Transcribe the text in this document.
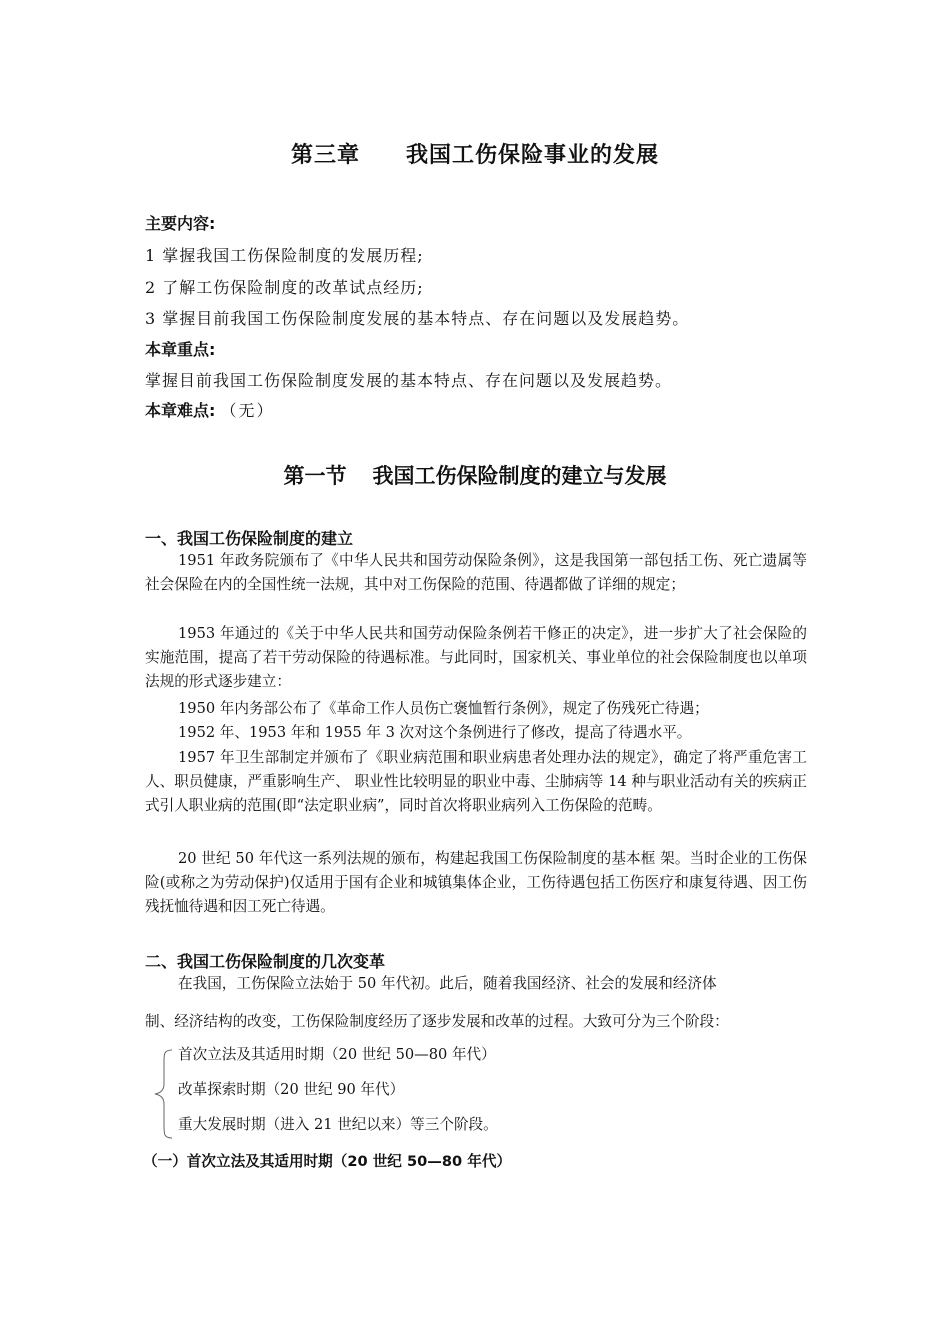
第三章 我国工伤保险事业的发展
主要内容:
1 掌握我国工伤保险制度的发展历程;
2 了解工伤保险制度的改革试点经历;
3 掌握目前我国工伤保险制度发展的基本特点、存在问题以及发展趋势。
本章重点:
掌握目前我国工伤保险制度发展的基本特点、存在问题以及发展趋势。
本章难点: （无）
第一节 我国工伤保险制度的建立与发展
一、我国工伤保险制度的建立
1951 年政务院颁布了《中华人民共和国劳动保险条例》，这是我国第一部包括工伤、死亡遗属等社会保险在内的全国性统一法规，其中对工伤保险的范围、待遇都做了详细的规定；
1953 年通过的《关于中华人民共和国劳动保险条例若干修正的决定》，进一步扩大了社会保险的实施范围，提高了若干劳动保险的待遇标准。与此同时，国家机关、事业单位的社会保险制度也以单项法规的形式逐步建立：
1950 年内务部公布了《革命工作人员伤亡褒恤暂行条例》，规定了伤残死亡待遇；
1952 年、1953 年和 1955 年 3 次对这个条例进行了修改，提高了待遇水平。
1957 年卫生部制定并颁布了《职业病范围和职业病患者处理办法的规定》，确定了将严重危害工人、职员健康，严重影响生产、 职业性比较明显的职业中毒、尘肺病等 14 种与职业活动有关的疾病正式引人职业病的范围(即“法定职业病”，同时首次将职业病列入工伤保险的范畴。
20 世纪 50 年代这一系列法规的颁布，构建起我国工伤保险制度的基本框 架。当时企业的工伤保险(或称之为劳动保护)仅适用于国有企业和城镇集体企业，工伤待遇包括工伤医疗和康复待遇、因工伤残抚恤待遇和因工死亡待遇。
二、我国工伤保险制度的几次变革
在我国，工伤保险立法始于 50 年代初。此后，随着我国经济、社会的发展和经济体
制、经济结构的改变，工伤保险制度经历了逐步发展和改革的过程。大致可分为三个阶段：
首次立法及其适用时期（20 世纪 50—80 年代）
改革探索时期（20 世纪 90 年代）
重大发展时期（进入 21 世纪以来）等三个阶段。
（一）首次立法及其适用时期（20 世纪 50—80 年代）
